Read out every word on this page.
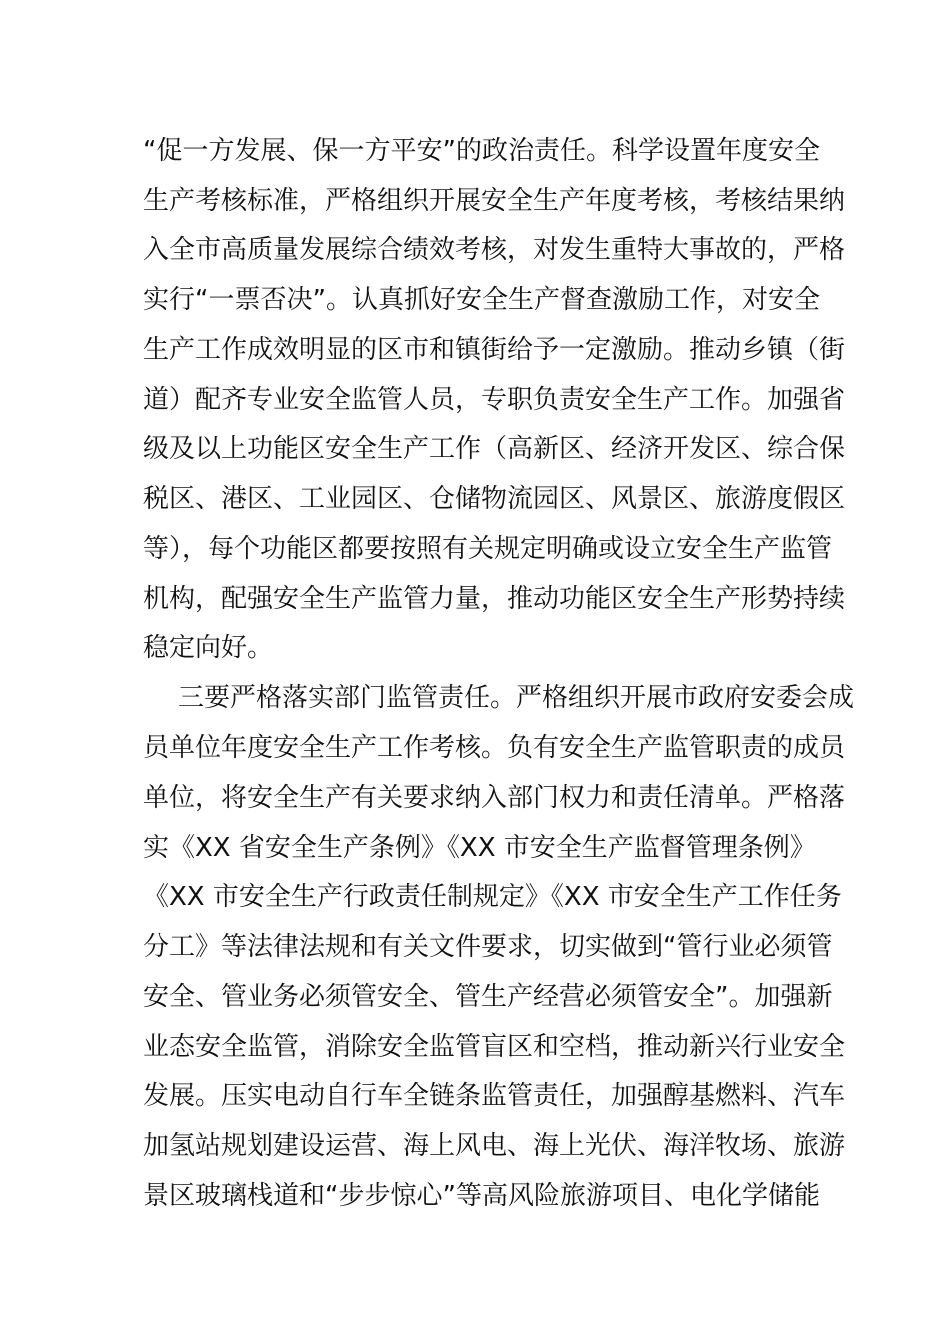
“促一方发展、保一方平安”的政治责任。科学设置年度安全
生产考核标准，严格组织开展安全生产年度考核，考核结果纳
入全市高质量发展综合绩效考核，对发生重特大事故的，严格
实行“一票否决”。认真抓好安全生产督查激励工作，对安全
生产工作成效明显的区市和镇街给予一定激励。推动乡镇（街
道）配齐专业安全监管人员，专职负责安全生产工作。加强省
级及以上功能区安全生产工作（高新区、经济开发区、综合保
税区、港区、工业园区、仓储物流园区、风景区、旅游度假区
等），每个功能区都要按照有关规定明确或设立安全生产监管
机构，配强安全生产监管力量，推动功能区安全生产形势持续
稳定向好。
三要严格落实部门监管责任。严格组织开展市政府安委会成
员单位年度安全生产工作考核。负有安全生产监管职责的成员
单位，将安全生产有关要求纳入部门权力和责任清单。严格落
实《XX 省安全生产条例》《XX 市安全生产监督管理条例》
《XX 市安全生产行政责任制规定》《XX 市安全生产工作任务
分工》等法律法规和有关文件要求，切实做到“管行业必须管
安全、管业务必须管安全、管生产经营必须管安全”。加强新
业态安全监管，消除安全监管盲区和空档，推动新兴行业安全
发展。压实电动自行车全链条监管责任，加强醇基燃料、汽车
加氢站规划建设运营、海上风电、海上光伏、海洋牧场、旅游
景区玻璃栈道和“步步惊心”等高风险旅游项目、电化学储能
